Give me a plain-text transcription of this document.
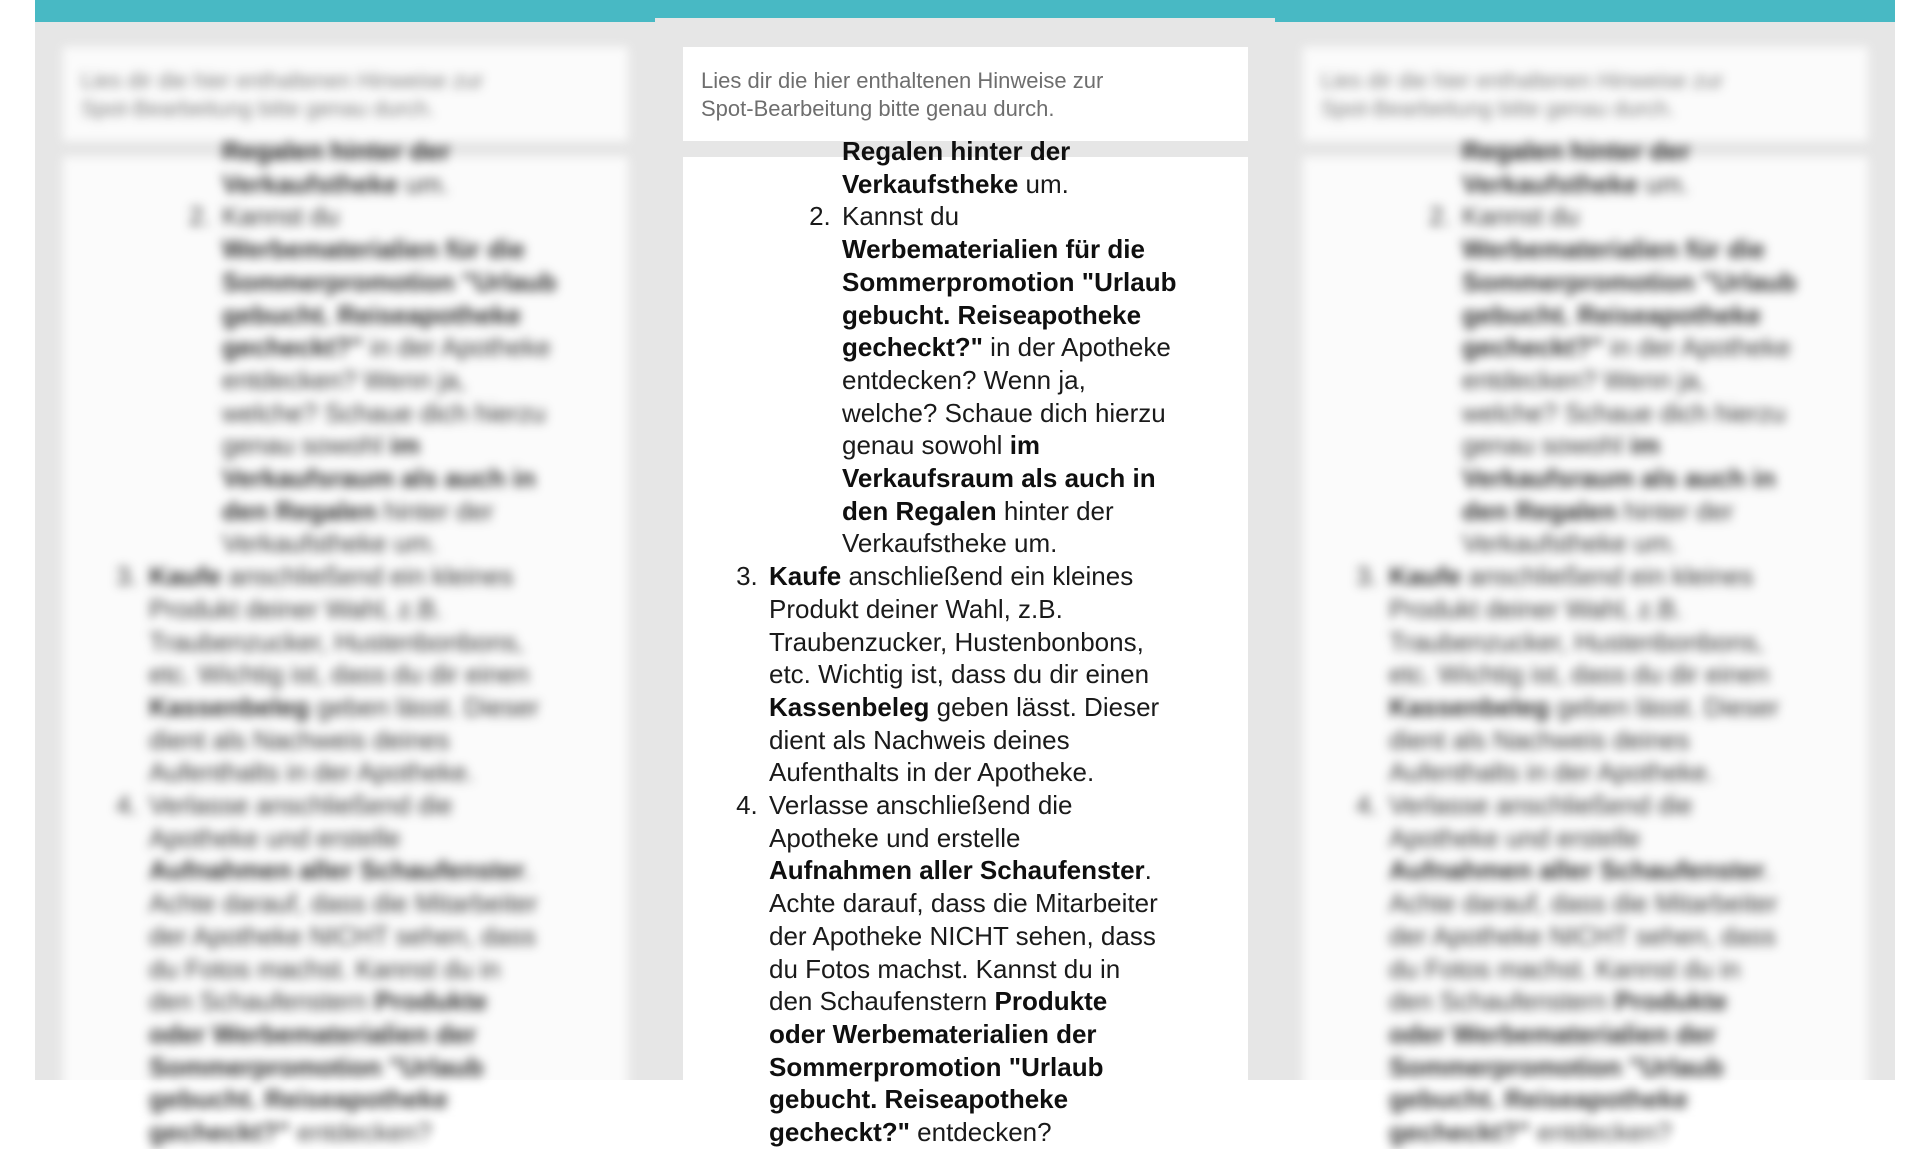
Lies dir die hier enthaltenen Hinweise zur
Spot-Bearbeitung bitte genau durch.
Regalen hinter der
Verkaufstheke um.
2. Kannst du Werbematerialien für die Sommerpromotion "Urlaub gebucht. Reiseapotheke gecheckt?" in der Apotheke entdecken? Wenn ja, welche? Schaue dich hierzu genau sowohl im Verkaufsraum als auch in den Regalen hinter der Verkaufstheke um.
3. Kaufe anschließend ein kleines Produkt deiner Wahl, z.B. Traubenzucker, Hustenbonbons, etc. Wichtig ist, dass du dir einen Kassenbeleg geben lässt. Dieser dient als Nachweis deines Aufenthalts in der Apotheke.
4. Verlasse anschließend die Apotheke und erstelle Aufnahmen aller Schaufenster. Achte darauf, dass die Mitarbeiter der Apotheke NICHT sehen, dass du Fotos machst. Kannst du in den Schaufenstern Produkte oder Werbematerialien der Sommerpromotion "Urlaub gebucht. Reiseapotheke gecheckt?" entdecken?
Lies dir die hier enthaltenen Hinweise zur
Spot-Bearbeitung bitte genau durch.
Regalen hinter der
Verkaufstheke um.
2. Kannst du Werbematerialien für die Sommerpromotion "Urlaub gebucht. Reiseapotheke gecheckt?" in der Apotheke entdecken? Wenn ja, welche? Schaue dich hierzu genau sowohl im Verkaufsraum als auch in den Regalen hinter der Verkaufstheke um.
3. Kaufe anschließend ein kleines Produkt deiner Wahl, z.B. Traubenzucker, Hustenbonbons, etc. Wichtig ist, dass du dir einen Kassenbeleg geben lässt. Dieser dient als Nachweis deines Aufenthalts in der Apotheke.
4. Verlasse anschließend die Apotheke und erstelle Aufnahmen aller Schaufenster. Achte darauf, dass die Mitarbeiter der Apotheke NICHT sehen, dass du Fotos machst. Kannst du in den Schaufenstern Produkte oder Werbematerialien der Sommerpromotion "Urlaub gebucht. Reiseapotheke gecheckt?" entdecken?
Lies dir die hier enthaltenen Hinweise zur
Spot-Bearbeitung bitte genau durch.
Regalen hinter der
Verkaufstheke um.
2. Kannst du Werbematerialien für die Sommerpromotion "Urlaub gebucht. Reiseapotheke gecheckt?" in der Apotheke entdecken? Wenn ja, welche? Schaue dich hierzu genau sowohl im Verkaufsraum als auch in den Regalen hinter der Verkaufstheke um.
3. Kaufe anschließend ein kleines Produkt deiner Wahl, z.B. Traubenzucker, Hustenbonbons, etc. Wichtig ist, dass du dir einen Kassenbeleg geben lässt. Dieser dient als Nachweis deines Aufenthalts in der Apotheke.
4. Verlasse anschließend die Apotheke und erstelle Aufnahmen aller Schaufenster. Achte darauf, dass die Mitarbeiter der Apotheke NICHT sehen, dass du Fotos machst. Kannst du in den Schaufenstern Produkte oder Werbematerialien der Sommerpromotion "Urlaub gebucht. Reiseapotheke gecheckt?" entdecken?
